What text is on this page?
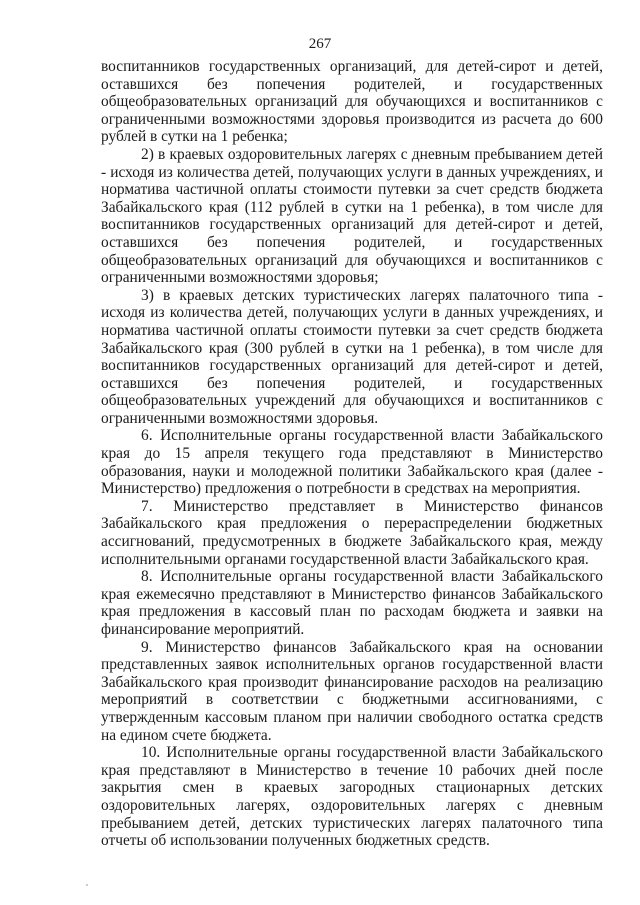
267

воспитанников государственных организаций, для детей-сирот и детей, оставшихся без попечения родителей, и государственных общеобразовательных организаций для обучающихся и воспитанников с ограниченными возможностями здоровья производится из расчета до 600 рублей в сутки на 1 ребенка;

2) в краевых оздоровительных лагерях с дневным пребыванием детей - исходя из количества детей, получающих услуги в данных учреждениях, и норматива частичной оплаты стоимости путевки за счет средств бюджета Забайкальского края (112 рублей в сутки на 1 ребенка), в том числе для воспитанников государственных организаций для детей-сирот и детей, оставшихся без попечения родителей, и государственных общеобразовательных организаций для обучающихся и воспитанников с ограниченными возможностями здоровья;

3) в краевых детских туристических лагерях палаточного типа - исходя из количества детей, получающих услуги в данных учреждениях, и норматива частичной оплаты стоимости путевки за счет средств бюджета Забайкальского края (300 рублей в сутки на 1 ребенка), в том числе для воспитанников государственных организаций для детей-сирот и детей, оставшихся без попечения родителей, и государственных общеобразовательных учреждений для обучающихся и воспитанников с ограниченными возможностями здоровья.

6. Исполнительные органы государственной власти Забайкальского края до 15 апреля текущего года представляют в Министерство образования, науки и молодежной политики Забайкальского края (далее - Министерство) предложения о потребности в средствах на мероприятия.

7. Министерство представляет в Министерство финансов Забайкальского края предложения о перераспределении бюджетных ассигнований, предусмотренных в бюджете Забайкальского края, между исполнительными органами государственной власти Забайкальского края.

8. Исполнительные органы государственной власти Забайкальского края ежемесячно представляют в Министерство финансов Забайкальского края предложения в кассовый план по расходам бюджета и заявки на финансирование мероприятий.

9. Министерство финансов Забайкальского края на основании представленных заявок исполнительных органов государственной власти Забайкальского края производит финансирование расходов на реализацию мероприятий в соответствии с бюджетными ассигнованиями, с утвержденным кассовым планом при наличии свободного остатка средств на едином счете бюджета.

10. Исполнительные органы государственной власти Забайкальского края представляют в Министерство в течение 10 рабочих дней после закрытия смен в краевых загородных стационарных детских оздоровительных лагерях, оздоровительных лагерях с дневным пребыванием детей, детских туристических лагерях палаточного типа отчеты об использовании полученных бюджетных средств.
